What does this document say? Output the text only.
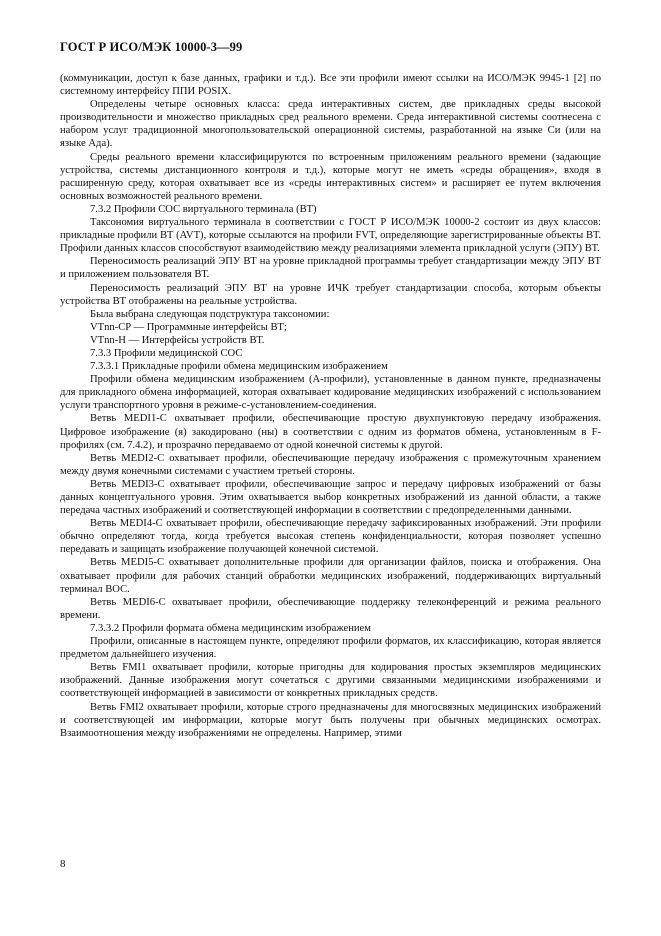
ГОСТ Р ИСО/МЭК 10000-3—99

(коммуникации, доступ к базе данных, графики и т.д.). Все эти профили имеют ссылки на ИСО/МЭК 9945-1 [2] по системному интерфейсу ППИ POSIX.

Определены четыре основных класса: среда интерактивных систем, две прикладных среды высокой производительности и множество прикладных сред реального времени. Среда интерактивной системы соотнесена с набором услуг традиционной многопользовательской операционной системы, разработанной на языке Си (или на языке Ада).

Среды реального времени классифицируются по встроенным приложениям реального времени (задающие устройства, системы дистанционного контроля и т.д.), которые могут не иметь «среды обращения», входя в расширенную среду, которая охватывает все из «среды интерактивных систем» и расширяет ее путем включения основных возможностей реального времени.

7.3.2 Профили СОС виртуального терминала (ВТ)

Таксономия виртуального терминала в соответствии с ГОСТ Р ИСО/МЭК 10000-2 состоит из двух классов: прикладные профили ВТ (AVT), которые ссылаются на профили FVT, определяющие зарегистрированные объекты ВТ. Профили данных классов способствуют взаимодействию между реализациями элемента прикладной услуги (ЭПУ) ВТ.

Переносимость реализаций ЭПУ ВТ на уровне прикладной программы требует стандартизации между ЭПУ ВТ и приложением пользователя ВТ.

Переносимость реализаций ЭПУ ВТ на уровне ИЧК требует стандартизации способа, которым объекты устройства ВТ отображены на реальные устройства.

Была выбрана следующая подструктура таксономии:

VTnn-CP — Программные интерфейсы ВТ;

VTnn-H — Интерфейсы устройств ВТ.

7.3.3 Профили медицинской СОС

7.3.3.1 Прикладные профили обмена медицинским изображением

Профили обмена медицинским изображением (А-профили), установленные в данном пункте, предназначены для прикладного обмена информацией, которая охватывает кодирование медицинских изображений с использованием услуги транспортного уровня в режиме-с-установлением-соединения.

Ветвь MEDI1-С охватывает профили, обеспечивающие простую двухпунктовую передачу изображения. Цифровое изображение (я) закодировано (ны) в соответствии с одним из форматов обмена, установленным в F-профилях (см. 7.4.2), и прозрачно передаваемо от одной конечной системы к другой.

Ветвь MEDI2-С охватывает профили, обеспечивающие передачу изображения с промежуточным хранением между двумя конечными системами с участием третьей стороны.

Ветвь MEDI3-С охватывает профили, обеспечивающие запрос и передачу цифровых изображений от базы данных концептуального уровня. Этим охватывается выбор конкретных изображений из данной области, а также передача частных изображений и соответствующей информации в соответствии с предопределенными данными.

Ветвь MEDI4-С охватывает профили, обеспечивающие передачу зафиксированных изображений. Эти профили обычно определяют тогда, когда требуется высокая степень конфиденциальности, которая позволяет успешно передавать и защищать изображение получающей конечной системой.

Ветвь MEDI5-С охватывает дополнительные профили для организации файлов, поиска и отображения. Она охватывает профили для рабочих станций обработки медицинских изображений, поддерживающих виртуальный терминал ВОС.

Ветвь MEDI6-С охватывает профили, обеспечивающие поддержку телеконференций и режима реального времени.

7.3.3.2 Профили формата обмена медицинским изображением

Профили, описанные в настоящем пункте, определяют профили форматов, их классификацию, которая является предметом дальнейшего изучения.

Ветвь FMI1 охватывает профили, которые пригодны для кодирования простых экземпляров медицинских изображений. Данные изображения могут сочетаться с другими связанными медицинскими изображениями и соответствующей информацией в зависимости от конкретных прикладных средств.

Ветвь FMI2 охватывает профили, которые строго предназначены для многосвязных медицинских изображений и соответствующей им информации, которые могут быть получены при обычных медицинских осмотрах. Взаимоотношения между изображениями не определены. Например, этими

8
